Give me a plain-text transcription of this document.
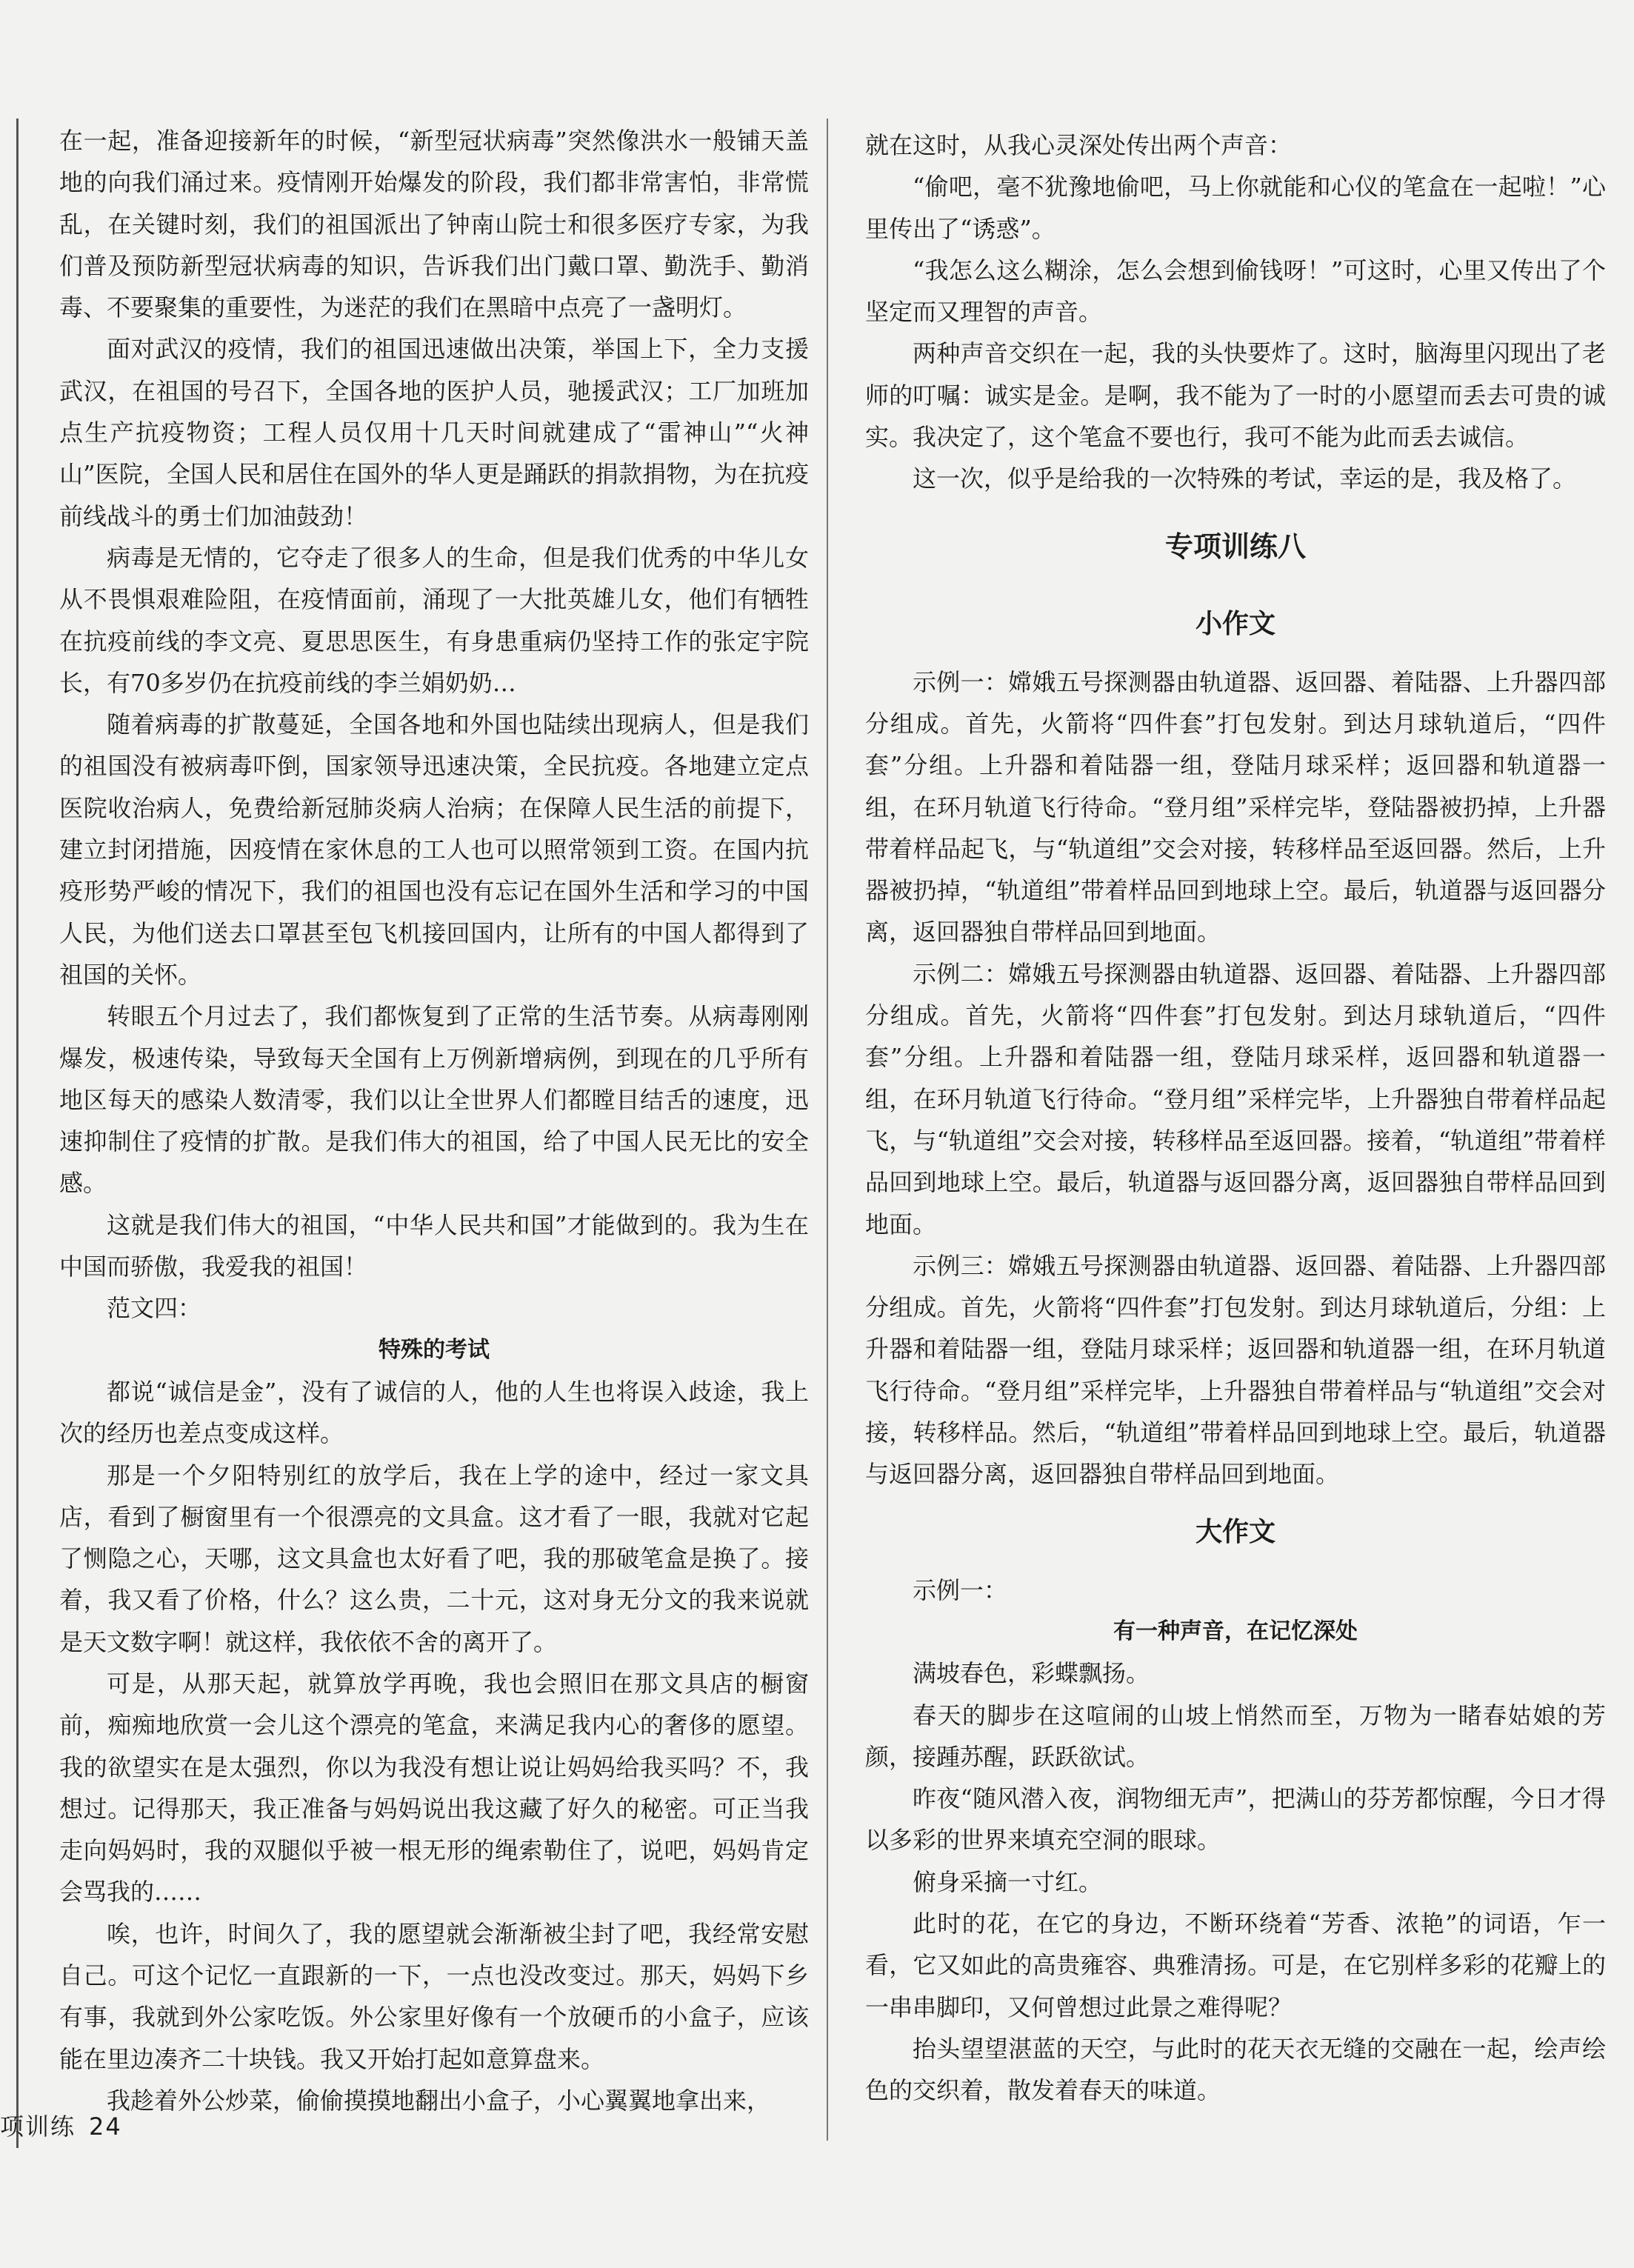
在一起，准备迎接新年的时候，“新型冠状病毒”突然像洪水一般铺天盖地的向我们涌过来。疫情刚开始爆发的阶段，我们都非常害怕，非常慌乱，在关键时刻，我们的祖国派出了钟南山院士和很多医疗专家，为我们普及预防新型冠状病毒的知识，告诉我们出门戴口罩、勤洗手、勤消毒、不要聚集的重要性，为迷茫的我们在黑暗中点亮了一盏明灯。

面对武汉的疫情，我们的祖国迅速做出决策，举国上下，全力支援武汉，在祖国的号召下，全国各地的医护人员，驰援武汉；工厂加班加点生产抗疫物资；工程人员仅用十几天时间就建成了“雷神山”“火神山”医院，全国人民和居住在国外的华人更是踊跃的捐款捐物，为在抗疫前线战斗的勇士们加油鼓劲！

病毒是无情的，它夺走了很多人的生命，但是我们优秀的中华儿女从不畏惧艰难险阻，在疫情面前，涌现了一大批英雄儿女，他们有牺牲在抗疫前线的李文亮、夏思思医生，有身患重病仍坚持工作的张定宇院长，有70多岁仍在抗疫前线的李兰娟奶奶…

随着病毒的扩散蔓延，全国各地和外国也陆续出现病人，但是我们的祖国没有被病毒吓倒，国家领导迅速决策，全民抗疫。各地建立定点医院收治病人，免费给新冠肺炎病人治病；在保障人民生活的前提下，建立封闭措施，因疫情在家休息的工人也可以照常领到工资。在国内抗疫形势严峻的情况下，我们的祖国也没有忘记在国外生活和学习的中国人民，为他们送去口罩甚至包飞机接回国内，让所有的中国人都得到了祖国的关怀。

转眼五个月过去了，我们都恢复到了正常的生活节奏。从病毒刚刚爆发，极速传染，导致每天全国有上万例新增病例，到现在的几乎所有地区每天的感染人数清零，我们以让全世界人们都瞠目结舌的速度，迅速抑制住了疫情的扩散。是我们伟大的祖国，给了中国人民无比的安全感。

这就是我们伟大的祖国，“中华人民共和国”才能做到的。我为生在中国而骄傲，我爱我的祖国！

范文四：

特殊的考试

都说“诚信是金”，没有了诚信的人，他的人生也将误入歧途，我上次的经历也差点变成这样。

那是一个夕阳特别红的放学后，我在上学的途中，经过一家文具店，看到了橱窗里有一个很漂亮的文具盒。这才看了一眼，我就对它起了恻隐之心，天哪，这文具盒也太好看了吧，我的那破笔盒是换了。接着，我又看了价格，什么？这么贵，二十元，这对身无分文的我来说就是天文数字啊！就这样，我依依不舍的离开了。

可是，从那天起，就算放学再晚，我也会照旧在那文具店的橱窗前，痴痴地欣赏一会儿这个漂亮的笔盒，来满足我内心的奢侈的愿望。我的欲望实在是太强烈，你以为我没有想让说让妈妈给我买吗？不，我想过。记得那天，我正准备与妈妈说出我这藏了好久的秘密。可正当我走向妈妈时，我的双腿似乎被一根无形的绳索勒住了，说吧，妈妈肯定会骂我的……

唉，也许，时间久了，我的愿望就会渐渐被尘封了吧，我经常安慰自己。可这个记忆一直跟新的一下，一点也没改变过。那天，妈妈下乡有事，我就到外公家吃饭。外公家里好像有一个放硬币的小盒子，应该能在里边凑齐二十块钱。我又开始打起如意算盘来。

我趁着外公炒菜，偷偷摸摸地翻出小盒子，小心翼翼地拿出来，

就在这时，从我心灵深处传出两个声音：

“偷吧，毫不犹豫地偷吧，马上你就能和心仪的笔盒在一起啦！”心里传出了“诱惑”。

“我怎么这么糊涂，怎么会想到偷钱呀！”可这时，心里又传出了个坚定而又理智的声音。

两种声音交织在一起，我的头快要炸了。这时，脑海里闪现出了老师的叮嘱：诚实是金。是啊，我不能为了一时的小愿望而丢去可贵的诚实。我决定了，这个笔盒不要也行，我可不能为此而丢去诚信。

这一次，似乎是给我的一次特殊的考试，幸运的是，我及格了。

专项训练八

小作文

示例一：嫦娥五号探测器由轨道器、返回器、着陆器、上升器四部分组成。首先，火箭将“四件套”打包发射。到达月球轨道后，“四件套”分组。上升器和着陆器一组，登陆月球采样；返回器和轨道器一组，在环月轨道飞行待命。“登月组”采样完毕，登陆器被扔掉，上升器带着样品起飞，与“轨道组”交会对接，转移样品至返回器。然后，上升器被扔掉，“轨道组”带着样品回到地球上空。最后，轨道器与返回器分离，返回器独自带样品回到地面。

示例二：嫦娥五号探测器由轨道器、返回器、着陆器、上升器四部分组成。首先，火箭将“四件套”打包发射。到达月球轨道后，“四件套”分组。上升器和着陆器一组，登陆月球采样，返回器和轨道器一组，在环月轨道飞行待命。“登月组”采样完毕，上升器独自带着样品起飞，与“轨道组”交会对接，转移样品至返回器。接着，“轨道组”带着样品回到地球上空。最后，轨道器与返回器分离，返回器独自带样品回到地面。

示例三：嫦娥五号探测器由轨道器、返回器、着陆器、上升器四部分组成。首先，火箭将“四件套”打包发射。到达月球轨道后，分组：上升器和着陆器一组，登陆月球采样；返回器和轨道器一组，在环月轨道飞行待命。“登月组”采样完毕，上升器独自带着样品与“轨道组”交会对接，转移样品。然后，“轨道组”带着样品回到地球上空。最后，轨道器与返回器分离，返回器独自带样品回到地面。

大作文

示例一：

有一种声音，在记忆深处

满坡春色，彩蝶飘扬。

春天的脚步在这喧闹的山坡上悄然而至，万物为一睹春姑娘的芳颜，接踵苏醒，跃跃欲试。

昨夜“随风潜入夜，润物细无声”，把满山的芬芳都惊醒，今日才得以多彩的世界来填充空洞的眼球。

俯身采摘一寸红。

此时的花，在它的身边，不断环绕着“芳香、浓艳”的词语，乍一看，它又如此的高贵雍容、典雅清扬。可是，在它别样多彩的花瓣上的一串串脚印，又何曾想过此景之难得呢？

抬头望望湛蓝的天空，与此时的花天衣无缝的交融在一起，绘声绘色的交织着，散发着春天的味道。

项训练 24
